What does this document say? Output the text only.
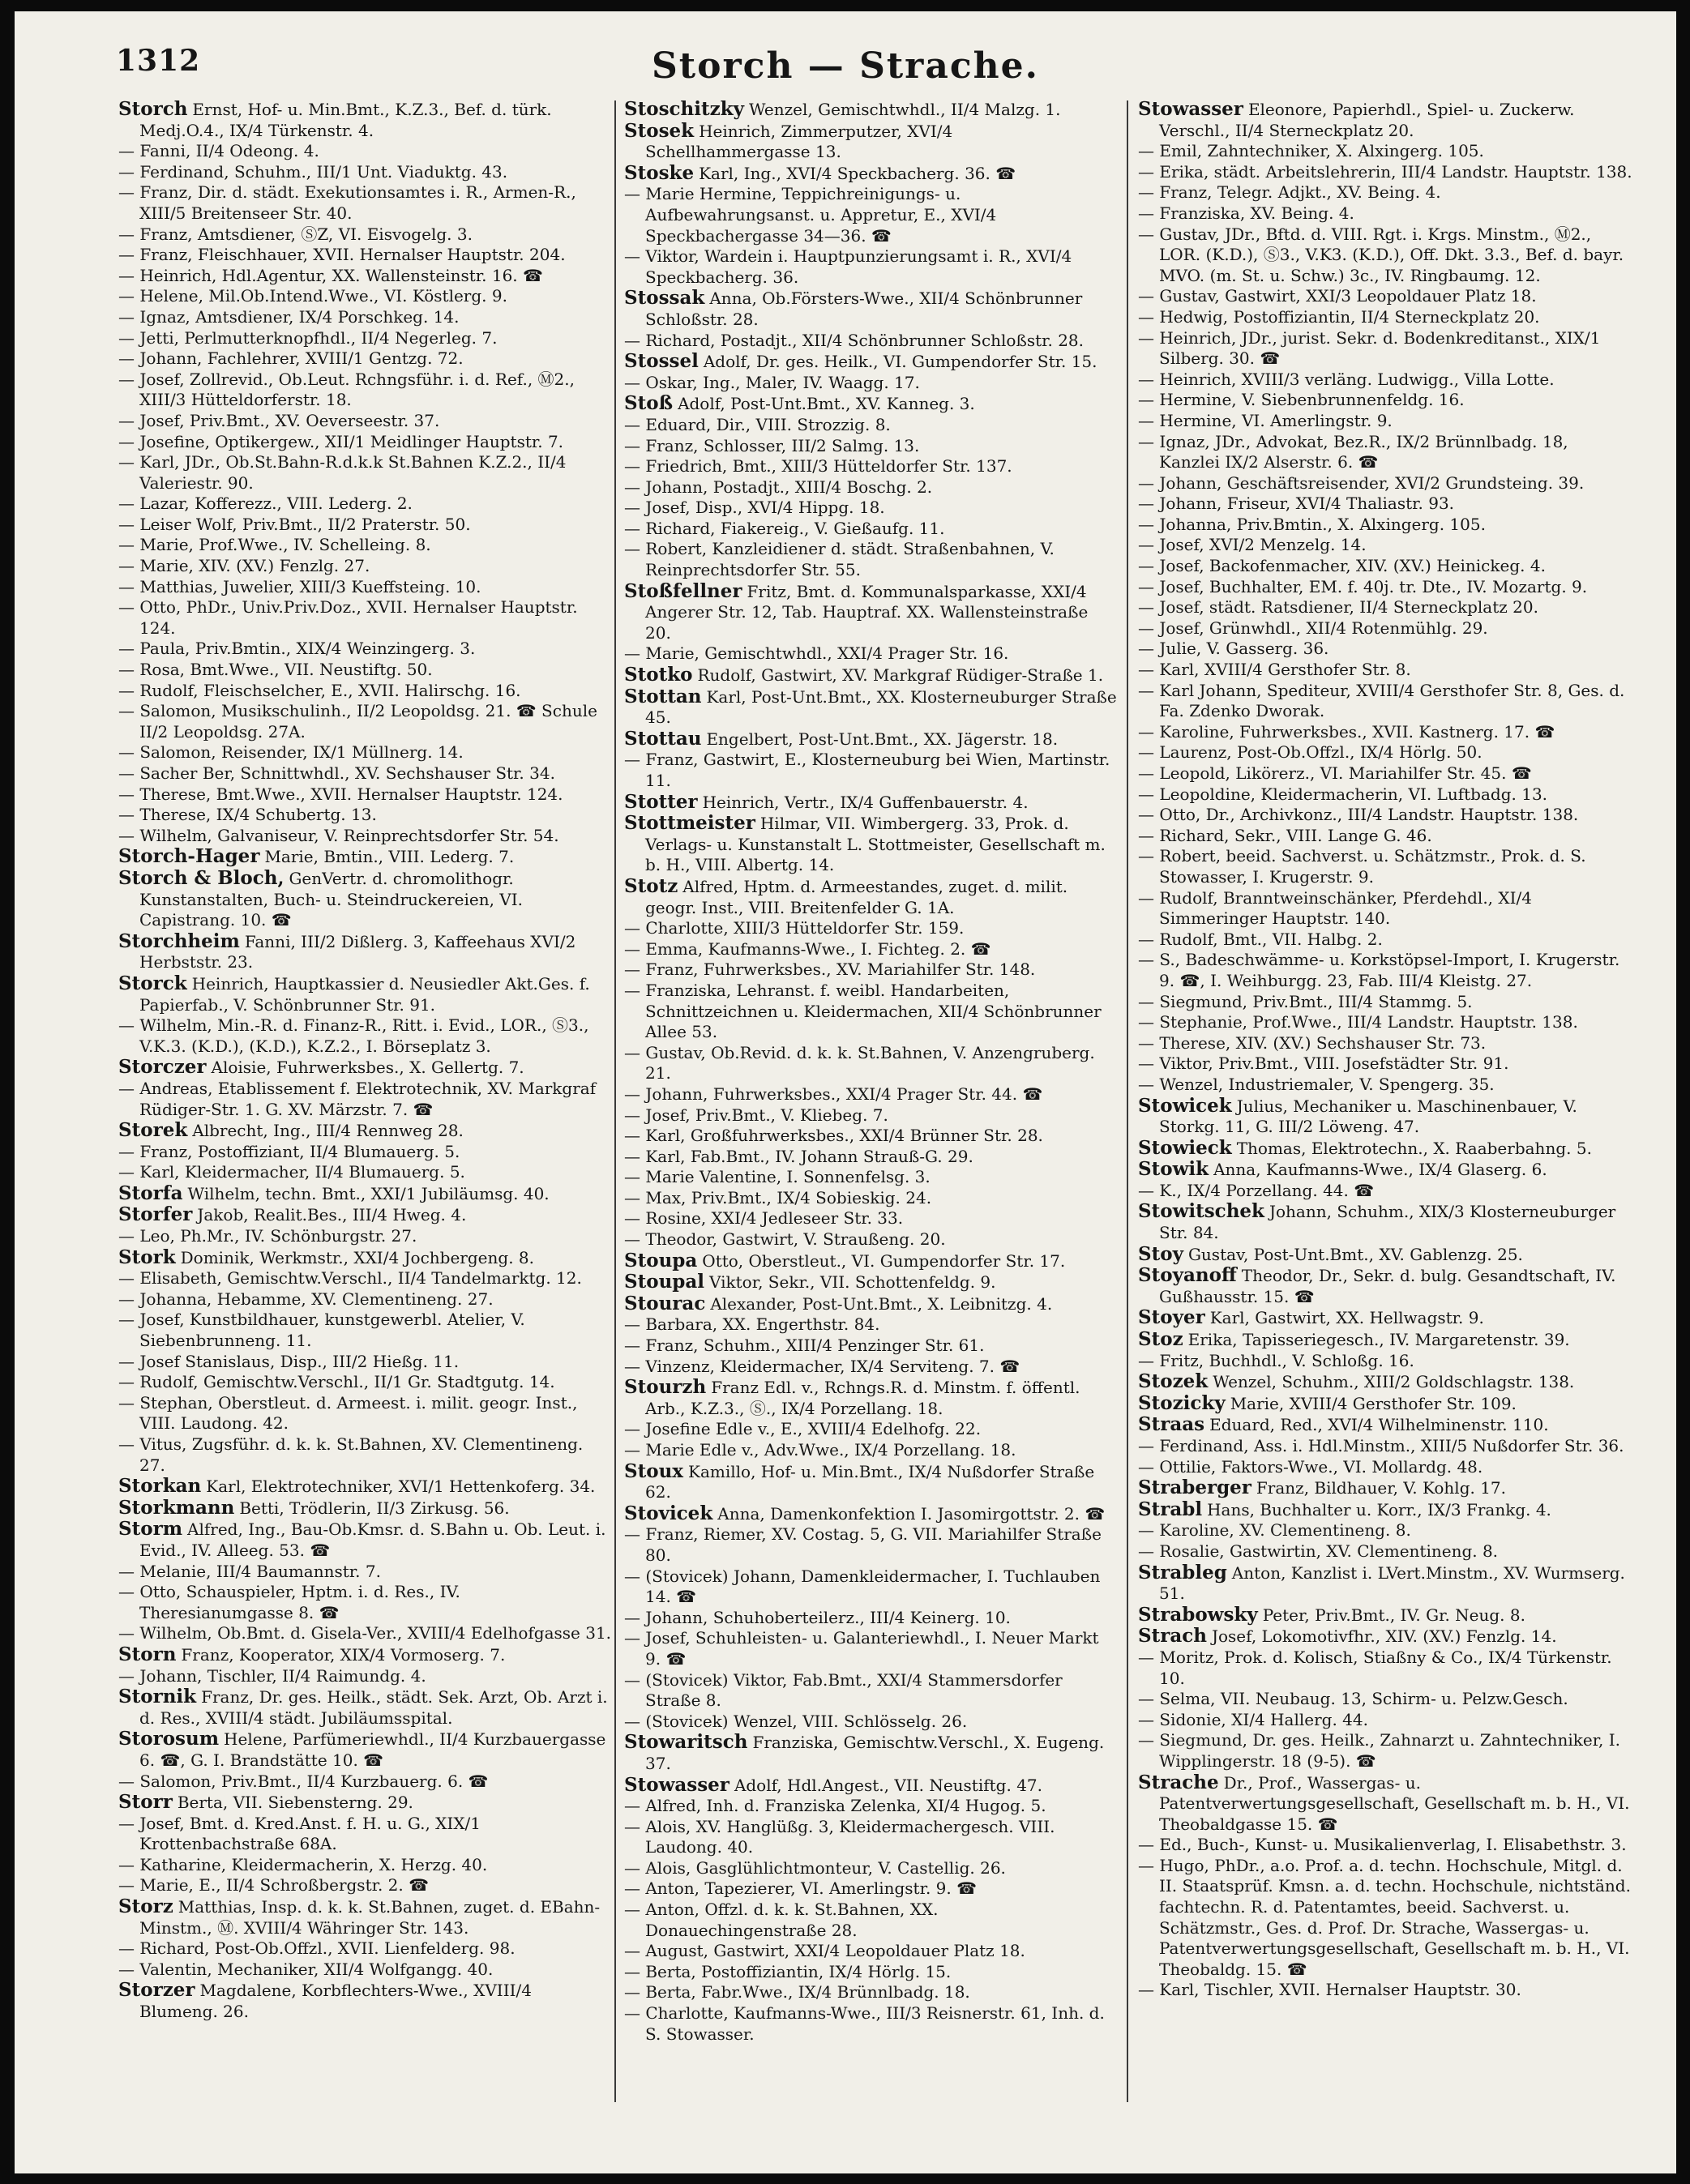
1312	Storch — Strache.

Storch Ernst, Hof- u. Min.Bmt., K.Z.3., Bef. d. türk. Medj.O.4., IX/4 Türkenstr. 4.

— Fanni, II/4 Odeong. 4.

— Ferdinand, Schuhm., III/1 Unt. Viaduktg. 43.

— Franz, Dir. d. städt. Exekutionsamtes i. R., Armen-R., XIII/5 Breitenseer Str. 40.

— Franz, Amtsdiener, ⓈZ, VI. Eisvogelg. 3.

— Franz, Fleischhauer, XVII. Hernalser Hauptstr. 204.

— Heinrich, Hdl.Agentur, XX. Wallensteinstr. 16. ☎

— Helene, Mil.Ob.Intend.Wwe., VI. Köstlerg. 9.

— Ignaz, Amtsdiener, IX/4 Porschkeg. 14.

— Jetti, Perlmutterknopfhdl., II/4 Negerleg. 7.

— Johann, Fachlehrer, XVIII/1 Gentzg. 72.

— Josef, Zollrevid., Ob.Leut. Rchngsführ. i. d. Ref., Ⓜ2., XIII/3 Hütteldorferstr. 18.

— Josef, Priv.Bmt., XV. Oeverseestr. 37.

— Josefine, Optikergew., XII/1 Meidlinger Hauptstr. 7.

— Karl, JDr., Ob.St.Bahn-R.d.k.k St.Bahnen K.Z.2., II/4 Valeriestr. 90.

— Lazar, Kofferezz., VIII. Lederg. 2.

— Leiser Wolf, Priv.Bmt., II/2 Praterstr. 50.

— Marie, Prof.Wwe., IV. Schelleing. 8.

— Marie, XIV. (XV.) Fenzlg. 27.

— Matthias, Juwelier, XIII/3 Kueffsteing. 10.

— Otto, PhDr., Univ.Priv.Doz., XVII. Hernalser Hauptstr. 124.

— Paula, Priv.Bmtin., XIX/4 Weinzingerg. 3.

— Rosa, Bmt.Wwe., VII. Neustiftg. 50.

— Rudolf, Fleischselcher, E., XVII. Halirschg. 16.

— Salomon, Musikschulinh., II/2 Leopoldsg. 21. ☎ Schule II/2 Leopoldsg. 27A.

— Salomon, Reisender, IX/1 Müllnerg. 14.

— Sacher Ber, Schnittwhdl., XV. Sechshauser Str. 34.

— Therese, Bmt.Wwe., XVII. Hernalser Hauptstr. 124.

— Therese, IX/4 Schubertg. 13.

— Wilhelm, Galvaniseur, V. Reinprechtsdorfer Str. 54.

Storch-Hager Marie, Bmtin., VIII. Lederg. 7.

Storch & Bloch, GenVertr. d. chromolithogr. Kunstanstalten, Buch- u. Steindruckereien, VI. Capistrang. 10. ☎

Storchheim Fanni, III/2 Dißlerg. 3, Kaffeehaus XVI/2 Herbststr. 23.

Storck Heinrich, Hauptkassier d. Neusiedler Akt.Ges. f. Papierfab., V. Schönbrunner Str. 91.

— Wilhelm, Min.-R. d. Finanz-R., Ritt. i. Evid., LOR., Ⓢ3., V.K.3. (K.D.), (K.D.), K.Z.2., I. Börseplatz 3.

Storczer Aloisie, Fuhrwerksbes., X. Gellertg. 7.

— Andreas, Etablissement f. Elektrotechnik, XV. Markgraf Rüdiger-Str. 1. G. XV. Märzstr. 7. ☎

Storek Albrecht, Ing., III/4 Rennweg 28.

— Franz, Postoffiziant, II/4 Blumauerg. 5.

— Karl, Kleidermacher, II/4 Blumauerg. 5.

Storfa Wilhelm, techn. Bmt., XXI/1 Jubiläumsg. 40.

Storfer Jakob, Realit.Bes., III/4 Hweg. 4.

— Leo, Ph.Mr., IV. Schönburgstr. 27.

Stork Dominik, Werkmstr., XXI/4 Jochbergeng. 8.

— Elisabeth, Gemischtw.Verschl., II/4 Tandelmarktg. 12.

— Johanna, Hebamme, XV. Clementineng. 27.

— Josef, Kunstbildhauer, kunstgewerbl. Atelier, V. Siebenbrunneng. 11.

— Josef Stanislaus, Disp., III/2 Hießg. 11.

— Rudolf, Gemischtw.Verschl., II/1 Gr. Stadtgutg. 14.

— Stephan, Oberstleut. d. Armeest. i. milit. geogr. Inst., VIII. Laudong. 42.

— Vitus, Zugsführ. d. k. k. St.Bahnen, XV. Clementineng. 27.

Storkan Karl, Elektrotechniker, XVI/1 Hettenkoferg. 34.

Storkmann Betti, Trödlerin, II/3 Zirkusg. 56.

Storm Alfred, Ing., Bau-Ob.Kmsr. d. S.Bahn u. Ob. Leut. i. Evid., IV. Alleeg. 53. ☎

— Melanie, III/4 Baumannstr. 7.

— Otto, Schauspieler, Hptm. i. d. Res., IV. Theresianumgasse 8. ☎

— Wilhelm, Ob.Bmt. d. Gisela-Ver., XVIII/4 Edelhofgasse 31.

Storn Franz, Kooperator, XIX/4 Vormoserg. 7.

— Johann, Tischler, II/4 Raimundg. 4.

Stornik Franz, Dr. ges. Heilk., städt. Sek. Arzt, Ob. Arzt i. d. Res., XVIII/4 städt. Jubiläumsspital.

Storosum Helene, Parfümeriewhdl., II/4 Kurzbauergasse 6. ☎, G. I. Brandstätte 10. ☎

— Salomon, Priv.Bmt., II/4 Kurzbauerg. 6. ☎

Storr Berta, VII. Siebensterng. 29.

— Josef, Bmt. d. Kred.Anst. f. H. u. G., XIX/1 Krottenbachstraße 68A.

— Katharine, Kleidermacherin, X. Herzg. 40.

— Marie, E., II/4 Schroßbergstr. 2. ☎

Storz Matthias, Insp. d. k. k. St.Bahnen, zuget. d. EBahn-Minstm., Ⓜ. XVIII/4 Währinger Str. 143.

— Richard, Post-Ob.Offzl., XVII. Lienfelderg. 98.

— Valentin, Mechaniker, XII/4 Wolfgangg. 40.

Storzer Magdalene, Korbflechters-Wwe., XVIII/4 Blumeng. 26.

Stoschitzky Wenzel, Gemischtwhdl., II/4 Malzg. 1.

Stosek Heinrich, Zimmerputzer, XVI/4 Schellhammergasse 13.

Stoske Karl, Ing., XVI/4 Speckbacherg. 36. ☎

— Marie Hermine, Teppichreinigungs- u. Aufbewahrungsanst. u. Appretur, E., XVI/4 Speckbachergasse 34—36. ☎

— Viktor, Wardein i. Hauptpunzierungsamt i. R., XVI/4 Speckbacherg. 36.

Stossak Anna, Ob.Försters-Wwe., XII/4 Schönbrunner Schloßstr. 28.

— Richard, Postadjt., XII/4 Schönbrunner Schloßstr. 28.

Stossel Adolf, Dr. ges. Heilk., VI. Gumpendorfer Str. 15.

— Oskar, Ing., Maler, IV. Waagg. 17.

Stoß Adolf, Post-Unt.Bmt., XV. Kannеg. 3.

— Eduard, Dir., VIII. Strozzig. 8.

— Franz, Schlosser, III/2 Salmg. 13.

— Friedrich, Bmt., XIII/3 Hütteldorfer Str. 137.

— Johann, Postadjt., XIII/4 Boschg. 2.

— Josef, Disp., XVI/4 Hippg. 18.

— Richard, Fiakereig., V. Gießaufg. 11.

— Robert, Kanzleidiener d. städt. Straßenbahnen, V. Reinprechtsdorfer Str. 55.

Stoßfellner Fritz, Bmt. d. Kommunalsparkasse, XXI/4 Angerer Str. 12, Tab. Hauptraf. XX. Wallensteinstraße 20.

— Marie, Gemischtwhdl., XXI/4 Prager Str. 16.

Stotko Rudolf, Gastwirt, XV. Markgraf Rüdiger-Straße 1.

Stottan Karl, Post-Unt.Bmt., XX. Klosterneuburger Straße 45.

Stottau Engelbert, Post-Unt.Bmt., XX. Jägerstr. 18.

— Franz, Gastwirt, E., Klosterneuburg bei Wien, Martinstr. 11.

Stotter Heinrich, Vertr., IX/4 Guffenbauerstr. 4.

Stottmeister Hilmar, VII. Wimbergerg. 33, Prok. d. Verlags- u. Kunstanstalt L. Stottmeister, Gesellschaft m. b. H., VIII. Albertg. 14.

Stotz Alfred, Hptm. d. Armeestandes, zuget. d. milit. geogr. Inst., VIII. Breitenfelder G. 1A.

— Charlotte, XIII/3 Hütteldorfer Str. 159.

— Emma, Kaufmanns-Wwe., I. Fichteg. 2. ☎

— Franz, Fuhrwerksbes., XV. Mariahilfer Str. 148.

— Franziska, Lehranst. f. weibl. Handarbeiten, Schnittzeichnen u. Kleidermachen, XII/4 Schönbrunner Allee 53.

— Gustav, Ob.Revid. d. k. k. St.Bahnen, V. Anzengruberg. 21.

— Johann, Fuhrwerksbes., XXI/4 Prager Str. 44. ☎

— Josef, Priv.Bmt., V. Kliebeg. 7.

— Karl, Großfuhrwerksbes., XXI/4 Brünner Str. 28.

— Karl, Fab.Bmt., IV. Johann Strauß-G. 29.

— Marie Valentine, I. Sonnenfelsg. 3.

— Max, Priv.Bmt., IX/4 Sobieskig. 24.

— Rosine, XXI/4 Jedleseer Str. 33.

— Theodor, Gastwirt, V. Straußeng. 20.

Stoupa Otto, Oberstleut., VI. Gumpendorfer Str. 17.

Stoupal Viktor, Sekr., VII. Schottenfeldg. 9.

Stourac Alexander, Post-Unt.Bmt., X. Leibnitzg. 4.

— Barbara, XX. Engerthstr. 84.

— Franz, Schuhm., XIII/4 Penzinger Str. 61.

— Vinzenz, Kleidermacher, IX/4 Serviteng. 7. ☎

Stourzh Franz Edl. v., Rchngs.R. d. Minstm. f. öffentl. Arb., K.Z.3., Ⓢ., IX/4 Porzellang. 18.

— Josefine Edle v., E., XVIII/4 Edelhofg. 22.

— Marie Edle v., Adv.Wwe., IX/4 Porzellang. 18.

Stoux Kamillo, Hof- u. Min.Bmt., IX/4 Nußdorfer Straße 62.

Stovicek Anna, Damenkonfektion I. Jasomirgottstr. 2. ☎

— Franz, Riemer, XV. Costag. 5, G. VII. Mariahilfer Straße 80.

— (Stovicek) Johann, Damenkleidermacher, I. Tuchlauben 14. ☎

— Johann, Schuhoberteilerz., III/4 Keinerg. 10.

— Josef, Schuhleisten- u. Galanteriewhdl., I. Neuer Markt 9. ☎

— (Stovicek) Viktor, Fab.Bmt., XXI/4 Stammersdorfer Straße 8.

— (Stovicek) Wenzel, VIII. Schlösselg. 26.

Stowaritsch Franziska, Gemischtw.Verschl., X. Eugeng. 37.

Stowasser Adolf, Hdl.Angest., VII. Neustiftg. 47.

— Alfred, Inh. d. Franziska Zelenka, XI/4 Hugog. 5.

— Alois, XV. Hanglüßg. 3, Kleidermachergesch. VIII. Laudong. 40.

— Alois, Gasglühlichtmonteur, V. Castellig. 26.

— Anton, Tapezierer, VI. Amerlingstr. 9. ☎

— Anton, Offzl. d. k. k. St.Bahnen, XX. Donauechingenstraße 28.

— August, Gastwirt, XXI/4 Leopoldauer Platz 18.

— Berta, Postoffiziantin, IX/4 Hörlg. 15.

— Berta, Fabr.Wwe., IX/4 Brünnlbadg. 18.

— Charlotte, Kaufmanns-Wwe., III/3 Reisnerstr. 61, Inh. d. S. Stowasser.

Stowasser Eleonore, Papierhdl., Spiel- u. Zuckerw. Verschl., II/4 Sterneckplatz 20.

— Emil, Zahntechniker, X. Alxingerg. 105.

— Erika, städt. Arbeitslehrerin, III/4 Landstr. Hauptstr. 138.

— Franz, Telegr. Adjkt., XV. Being. 4.

— Franziska, XV. Being. 4.

— Gustav, JDr., Bftd. d. VIII. Rgt. i. Krgs. Minstm., Ⓜ2., LOR. (K.D.), Ⓢ3., V.K3. (K.D.), Off. Dkt. 3.3., Bef. d. bayr. MVO. (m. St. u. Schw.) 3c., IV. Ringbaumg. 12.

— Gustav, Gastwirt, XXI/3 Leopoldauer Platz 18.

— Hedwig, Postoffiziantin, II/4 Sterneckplatz 20.

— Heinrich, JDr., jurist. Sekr. d. Bodenkreditanst., XIX/1 Silberg. 30. ☎

— Heinrich, XVIII/3 verläng. Ludwigg., Villa Lotte.

— Hermine, V. Siebenbrunnenfeldg. 16.

— Hermine, VI. Amerlingstr. 9.

— Ignaz, JDr., Advokat, Bez.R., IX/2 Brünnlbadg. 18, Kanzlei IX/2 Alserstr. 6. ☎

— Johann, Geschäftsreisender, XVI/2 Grundsteing. 39.

— Johann, Friseur, XVI/4 Thaliastr. 93.

— Johanna, Priv.Bmtin., X. Alxingerg. 105.

— Josef, XVI/2 Menzelg. 14.

— Josef, Backofenmacher, XIV. (XV.) Heinickeg. 4.

— Josef, Buchhalter, EM. f. 40j. tr. Dte., IV. Mozartg. 9.

— Josef, städt. Ratsdiener, II/4 Sterneckplatz 20.

— Josef, Grünwhdl., XII/4 Rotenmühlg. 29.

— Julie, V. Gasserg. 36.

— Karl, XVIII/4 Gersthofer Str. 8.

— Karl Johann, Spediteur, XVIII/4 Gersthofer Str. 8, Ges. d. Fa. Zdenko Dworak.

— Karoline, Fuhrwerksbes., XVII. Kastnerg. 17. ☎

— Laurenz, Post-Ob.Offzl., IX/4 Hörlg. 50.

— Leopold, Likörerz., VI. Mariahilfer Str. 45. ☎

— Leopoldine, Kleidermacherin, VI. Luftbadg. 13.

— Otto, Dr., Archivkonz., III/4 Landstr. Hauptstr. 138.

— Richard, Sekr., VIII. Lange G. 46.

— Robert, beeid. Sachverst. u. Schätzmstr., Prok. d. S. Stowasser, I. Krugerstr. 9.

— Rudolf, Branntweinschänker, Pferdehdl., XI/4 Simmeringer Hauptstr. 140.

— Rudolf, Bmt., VII. Halbg. 2.

— S., Badeschwämme- u. Korkstöpsel-Import, I. Krugerstr. 9. ☎, I. Weihburgg. 23, Fab. III/4 Kleistg. 27.

— Siegmund, Priv.Bmt., III/4 Stammg. 5.

— Stephanie, Prof.Wwe., III/4 Landstr. Hauptstr. 138.

— Therese, XIV. (XV.) Sechshauser Str. 73.

— Viktor, Priv.Bmt., VIII. Josefstädter Str. 91.

— Wenzel, Industriemaler, V. Spengerg. 35.

Stowicek Julius, Mechaniker u. Maschinenbauer, V. Storkg. 11, G. III/2 Löweng. 47.

Stowieck Thomas, Elektrotechn., X. Raaberbahng. 5.

Stowik Anna, Kaufmanns-Wwe., IX/4 Glaserg. 6.

— K., IX/4 Porzellang. 44. ☎

Stowitschek Johann, Schuhm., XIX/3 Klosterneuburger Str. 84.

Stoy Gustav, Post-Unt.Bmt., XV. Gablenzg. 25.

Stoyanoff Theodor, Dr., Sekr. d. bulg. Gesandtschaft, IV. Gußhausstr. 15. ☎

Stoyer Karl, Gastwirt, XX. Hellwagstr. 9.

Stoz Erika, Tapisseriegesch., IV. Margaretenstr. 39.

— Fritz, Buchhdl., V. Schloßg. 16.

Stozek Wenzel, Schuhm., XIII/2 Goldschlagstr. 138.

Stozicky Marie, XVIII/4 Gersthofer Str. 109.

Straas Eduard, Red., XVI/4 Wilhelminenstr. 110.

— Ferdinand, Ass. i. Hdl.Minstm., XIII/5 Nußdorfer Str. 36.

— Ottilie, Faktors-Wwe., VI. Mollardg. 48.

Straberger Franz, Bildhauer, V. Kohlg. 17.

Strabl Hans, Buchhalter u. Korr., IX/3 Frankg. 4.

— Karoline, XV. Clementineng. 8.

— Rosalie, Gastwirtin, XV. Clementineng. 8.

Strableg Anton, Kanzlist i. LVert.Minstm., XV. Wurmserg. 51.

Strabowsky Peter, Priv.Bmt., IV. Gr. Neug. 8.

Strach Josef, Lokomotivfhr., XIV. (XV.) Fenzlg. 14.

— Moritz, Prok. d. Kolisch, Stiaßny & Co., IX/4 Türkenstr. 10.

— Selma, VII. Neubaug. 13, Schirm- u. Pelzw.Gesch.

— Sidonie, XI/4 Hallerg. 44.

— Siegmund, Dr. ges. Heilk., Zahnarzt u. Zahntechniker, I. Wipplingerstr. 18 (9-5). ☎

Strache Dr., Prof., Wassergas- u. Patentverwertungsgesellschaft, Gesellschaft m. b. H., VI. Theobaldgasse 15. ☎

— Ed., Buch-, Kunst- u. Musikalienverlag, I. Elisabethstr. 3.

— Hugo, PhDr., a.o. Prof. a. d. techn. Hochschule, Mitgl. d. II. Staatsprüf. Kmsn. a. d. techn. Hochschule, nichtständ. fachtechn. R. d. Patentamtes, beeid. Sachverst. u. Schätzmstr., Ges. d. Prof. Dr. Strache, Wassergas- u. Patentverwertungsgesellschaft, Gesellschaft m. b. H., VI. Theobaldg. 15. ☎

— Karl, Tischler, XVII. Hernalser Hauptstr. 30.
